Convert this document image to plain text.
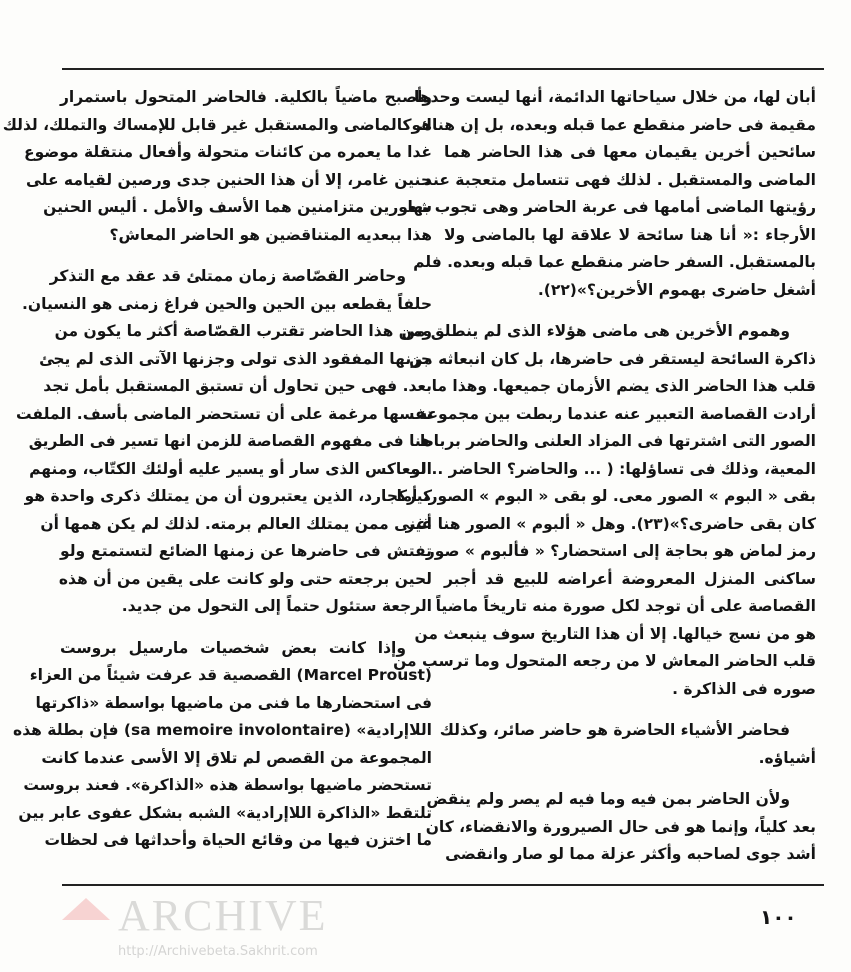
أبان لها، من خلال سياحاتها الدائمة، أنها ليست وحدها
مقيمة فى حاضر منقطع عما قبله وبعده، بل إن هناك
سائحين أخرين يقيمان معها فى هذا الحاضر هما
الماضى والمستقبل . لذلك فهى تتسامل متعجبة عند
رؤيتها الماضى أمامها فى عربة الحاضر وهى تجوب بها
الأرجاء :« أنا هنا سائحة لا علاقة لها بالماضى ولا
بالمستقبل. السفر حاضر منقطع عما قبله وبعده. فلم
أشغل حاضرى بهموم الأخرين؟»(٢٢).
وهموم الأخرين هى ماضى هؤلاء الذى لم ينطلق من
ذاكرة السائحة ليستقر فى حاضرها، بل كان انبعاثه من
قلب هذا الحاضر الذى يضم الأزمان جميعها. وهذا ما
أرادت القصاصة التعبير عنه عندما ربطت بين مجموعة
الصور التى اشترتها فى المزاد العلنى والحاضر برباط
المعية، وذلك فى تساؤلها: ( ... والحاضر؟ الحاضر .. لو
بقى « البوم » الصور معى. لو بقى « البوم » الصور، أما
كان بقى حاضرى؟»(٢٣). وهل « ألبوم » الصور هنا غير
رمز لماض هو بحاجة إلى استحضار؟ « فألبوم » صور
ساكنى المنزل المعروضة أعراضه للبيع قد أجبر
القصاصة على أن توجد لكل صورة منه تاريخاً ماضياً
هو من نسج خيالها. إلا أن هذا التاريخ سوف ينبعث من
قلب الحاضر المعاش لا من رجعه المتحول وما ترسب من
صوره فى الذاكرة .
فحاضر الأشياء الحاضرة هو حاضر صائر، وكذلك
أشياؤه.
ولأن الحاضر بمن فيه وما فيه لم يصر ولم ينقض
بعد كلياً، وإنما هو فى حال الصيرورة والانقضاء، كان
أشد جوى لصاحبه وأكثر عزلة مما لو صار وانقضى
وأصبح ماضياً بالكلية. فالحاضر المتحول باستمرار
هوكالماضى والمستقبل غير قابل للإمساك والتملك، لذلك
غدا ما يعمره من كائنات متحولة وأفعال منتقلة موضوع
حنين غامر، إلا أن هذا الحنين جدى ورصين لقيامه على
شعورين متزامنين هما الأسف والأمل . أليس الحنين
هذا ببعديه المتناقضين هو الحاضر المعاش؟
وحاضر القصّاصة زمان ممتلئ قد عقد مع التذكر
حلفاً يقطعه بين الحين والحين فراغ زمنى هو النسيان.
ومن هذا الحاضر تقترب القصّاصة أكثر ما يكون من
جزنها المفقود الذى تولى وجزنها الآتى الذى لم يجئ
بعد. فهى حين تحاول أن تستبق المستقبل بأمل تجد
نفسها مرغمة على أن تستحضر الماضى بأسف. الملفت
هنا فى مفهوم القصاصة للزمن انها تسير فى الطريق
المعاكس الذى سار أو يسير عليه أولئك الكتّاب، ومنهم
كيركجارد، الذين يعتبرون أن من يمتلك ذكرى واحدة هو
أغنى ممن يمتلك العالم برمته. لذلك لم يكن همها أن
تفتش فى حاضرها عن زمنها الضائع لتستمتع ولو
لحين برجعته حتى ولو كانت على يقين من أن هذه
الرجعة ستئول حتماً إلى التحول من جديد.
وإذا كانت بعض شخصيات مارسيل بروست
(Marcel Proust) القصصية قد عرفت شيئاً من العزاء
فى استحضارها ما فنى من ماضيها بواسطة «ذاكرتها
اللاإرادية» (sa memoire involontaire) فإن بطلة هذه
المجموعة من القصص لم تلاق إلا الأسى عندما كانت
تستحضر ماضيها بواسطة هذه «الذاكرة». فعند بروست
تلتقط «الذاكرة اللاإرادية» الشبه بشكل عفوى عابر بين
ما اختزن فيها من وقائع الحياة وأحداثها فى لحظات
ARCHIVE
http://Archivebeta.Sakhrit.com
١٠٠
